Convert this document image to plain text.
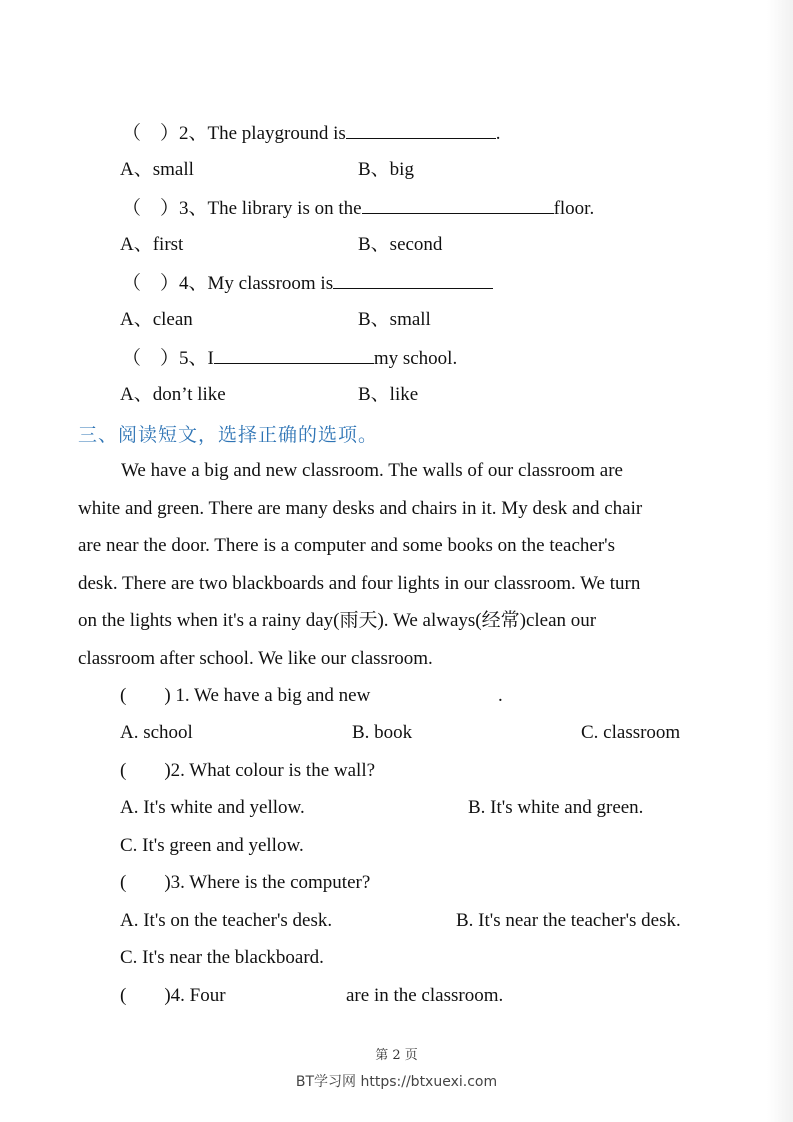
（　）2、The playground is	.
A、small	B、big
（　）3、The library is on the	floor.
A、first	B、second
（　）4、My classroom is
A、clean	B、small
（　）5、I	my school.
A、don’t like	B、like
三、阅读短文，选择正确的选项。
We have a big and new classroom. The walls of our classroom are
white and green. There are many desks and chairs in it. My desk and chair
are near the door. There is a computer and some books on the teacher's
desk. There are two blackboards and four lights in our classroom. We turn
on the lights when it's a rainy day(雨天). We always(经常)clean our
classroom after school. We like our classroom.
(　　) 1. We have a big and new	.
A. school	B. book	C. classroom
(　　)2. What colour is the wall?
A. It's white and yellow.	B. It's white and green.
C. It's green and yellow.
(　　)3. Where is the computer?
A. It's on the teacher's desk.	B. It's near the teacher's desk.
C. It's near the blackboard.
(　　)4. Four	are in the classroom.
第 2 页
BT学习网 https://btxuexi.com
